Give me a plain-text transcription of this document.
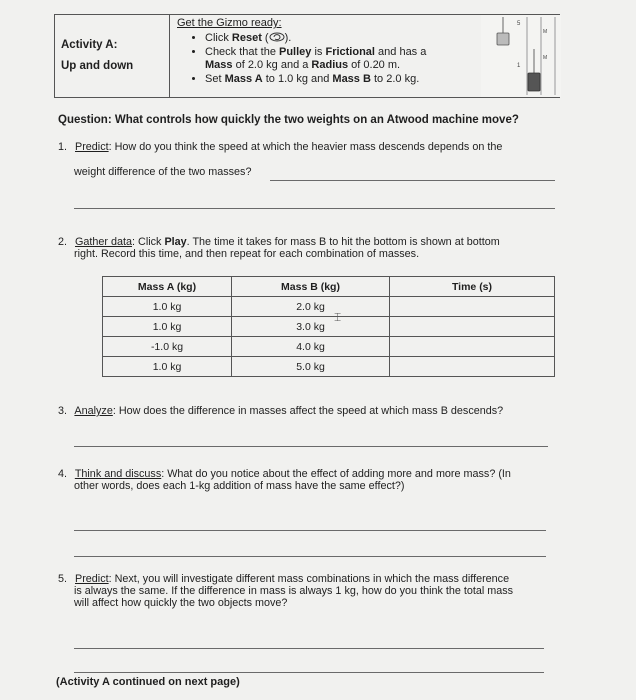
Activity A:
Up and down
Get the Gizmo ready:
• Click Reset ( ).
• Check that the Pulley is Frictional and has a
Mass of 2.0 kg and a Radius of 0.20 m.
• Set Mass A to 1.0 kg and Mass B to 2.0 kg.
5
1
M
M
Question: What controls how quickly the two weights on an Atwood machine move?
1. Predict: How do you think the speed at which the heavier mass descends depends on the
weight difference of the two masses?
2. Gather data: Click Play. The time it takes for mass B to hit the bottom is shown at bottom
right. Record this time, and then repeat for each combination of masses.
Mass A (kg)	Mass B (kg)	Time (s)
1.0 kg	2.0 kg	
1.0 kg	3.0 kg	
-1.0 kg	4.0 kg	
1.0 kg	5.0 kg	
⌶
3. Analyze: How does the difference in masses affect the speed at which mass B descends?
4. Think and discuss: What do you notice about the effect of adding more and more mass? (In
other words, does each 1-kg addition of mass have the same effect?)
5. Predict: Next, you will investigate different mass combinations in which the mass difference
is always the same. If the difference in mass is always 1 kg, how do you think the total mass
will affect how quickly the two objects move?
(Activity A continued on next page)
